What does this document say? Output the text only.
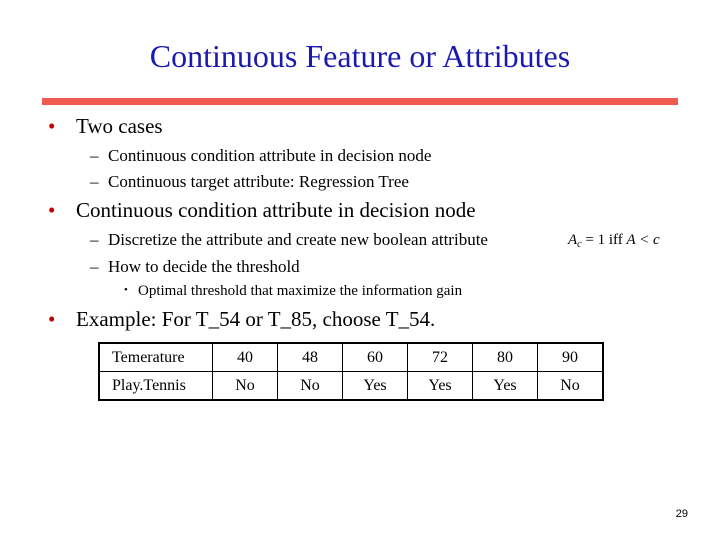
Continuous Feature or Attributes
• Two cases
– Continuous condition attribute in decision node
– Continuous target attribute: Regression Tree
• Continuous condition attribute in decision node
– Discretize the attribute and create new boolean attribute	$A_c = 1$ iff A < c
– How to decide the threshold
• Optimal threshold that maximize the information gain
• Example: For T_54 or T_85, choose T_54.
Temerature	40	48	60	72	80	90
Play.Tennis	No	No	Yes	Yes	Yes	No
29
